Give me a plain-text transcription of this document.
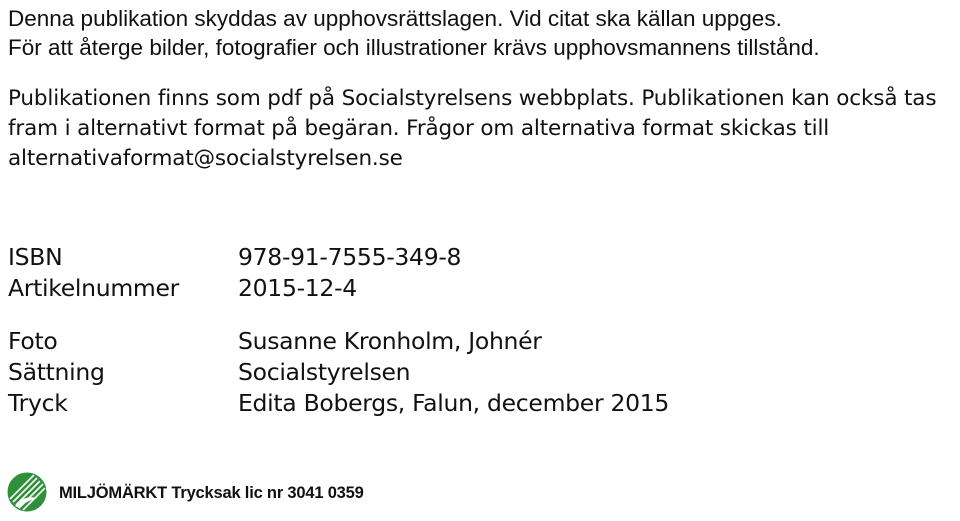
Denna publikation skyddas av upphovsrättslagen. Vid citat ska källan uppges.
För att återge bilder, fotografier och illustrationer krävs upphovsmannens tillstånd.

Publikationen finns som pdf på Socialstyrelsens webbplats. Publikationen kan också tas fram i alternativt format på begäran. Frågor om alternativa format skickas till alternativaformat@socialstyrelsen.se

ISBN	978-91-7555-349-8
Artikelnummer	2015-12-4
Foto	Susanne Kronholm, Johnér
Sättning	Socialstyrelsen
Tryck	Edita Bobergs, Falun, december 2015
MILJÖMÄRKT Trycksak lic nr 3041 0359
